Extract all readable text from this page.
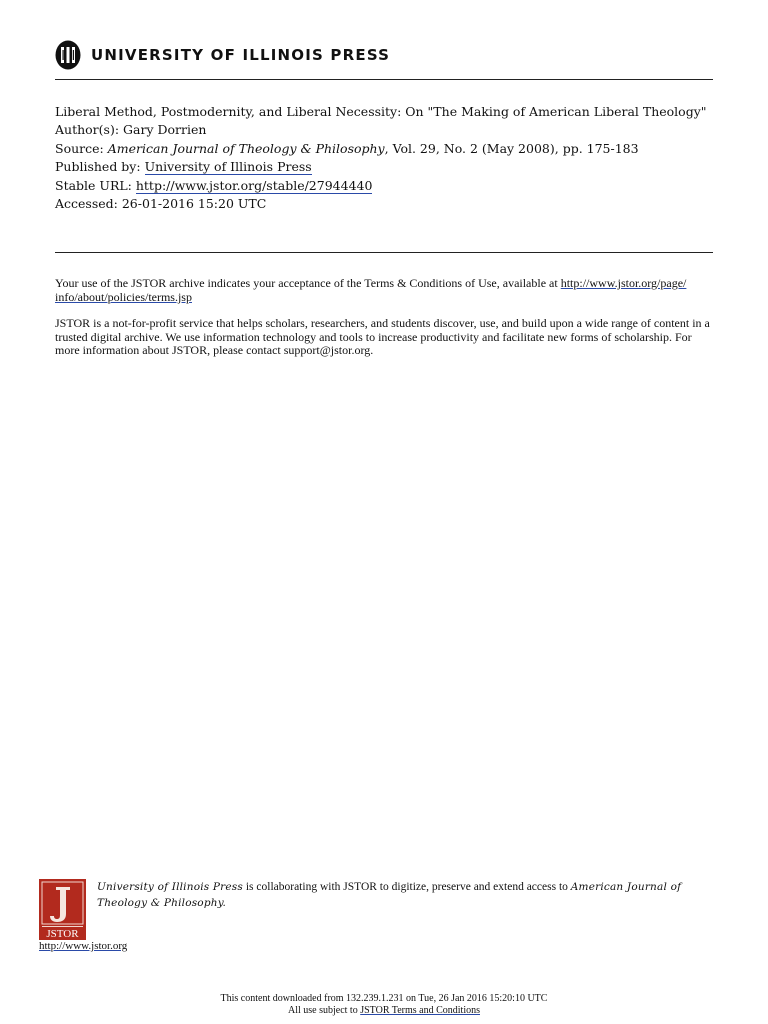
UNIVERSITY OF ILLINOIS PRESS
Liberal Method, Postmodernity, and Liberal Necessity: On "The Making of American Liberal Theology"
Author(s): Gary Dorrien
Source: American Journal of Theology & Philosophy, Vol. 29, No. 2 (May 2008), pp. 175-183
Published by: University of Illinois Press
Stable URL: http://www.jstor.org/stable/27944440
Accessed: 26-01-2016 15:20 UTC

Your use of the JSTOR archive indicates your acceptance of the Terms & Conditions of Use, available at http://www.jstor.org/page/
info/about/policies/terms.jsp

JSTOR is a not-for-profit service that helps scholars, researchers, and students discover, use, and build upon a wide range of content in a trusted digital archive. We use information technology and tools to increase productivity and facilitate new forms of scholarship. For more information about JSTOR, please contact support@jstor.org.

JSTOR
http://www.jstor.org
University of Illinois Press is collaborating with JSTOR to digitize, preserve and extend access to American Journal of Theology & Philosophy.
This content downloaded from 132.239.1.231 on Tue, 26 Jan 2016 15:20:10 UTC
All use subject to JSTOR Terms and Conditions
